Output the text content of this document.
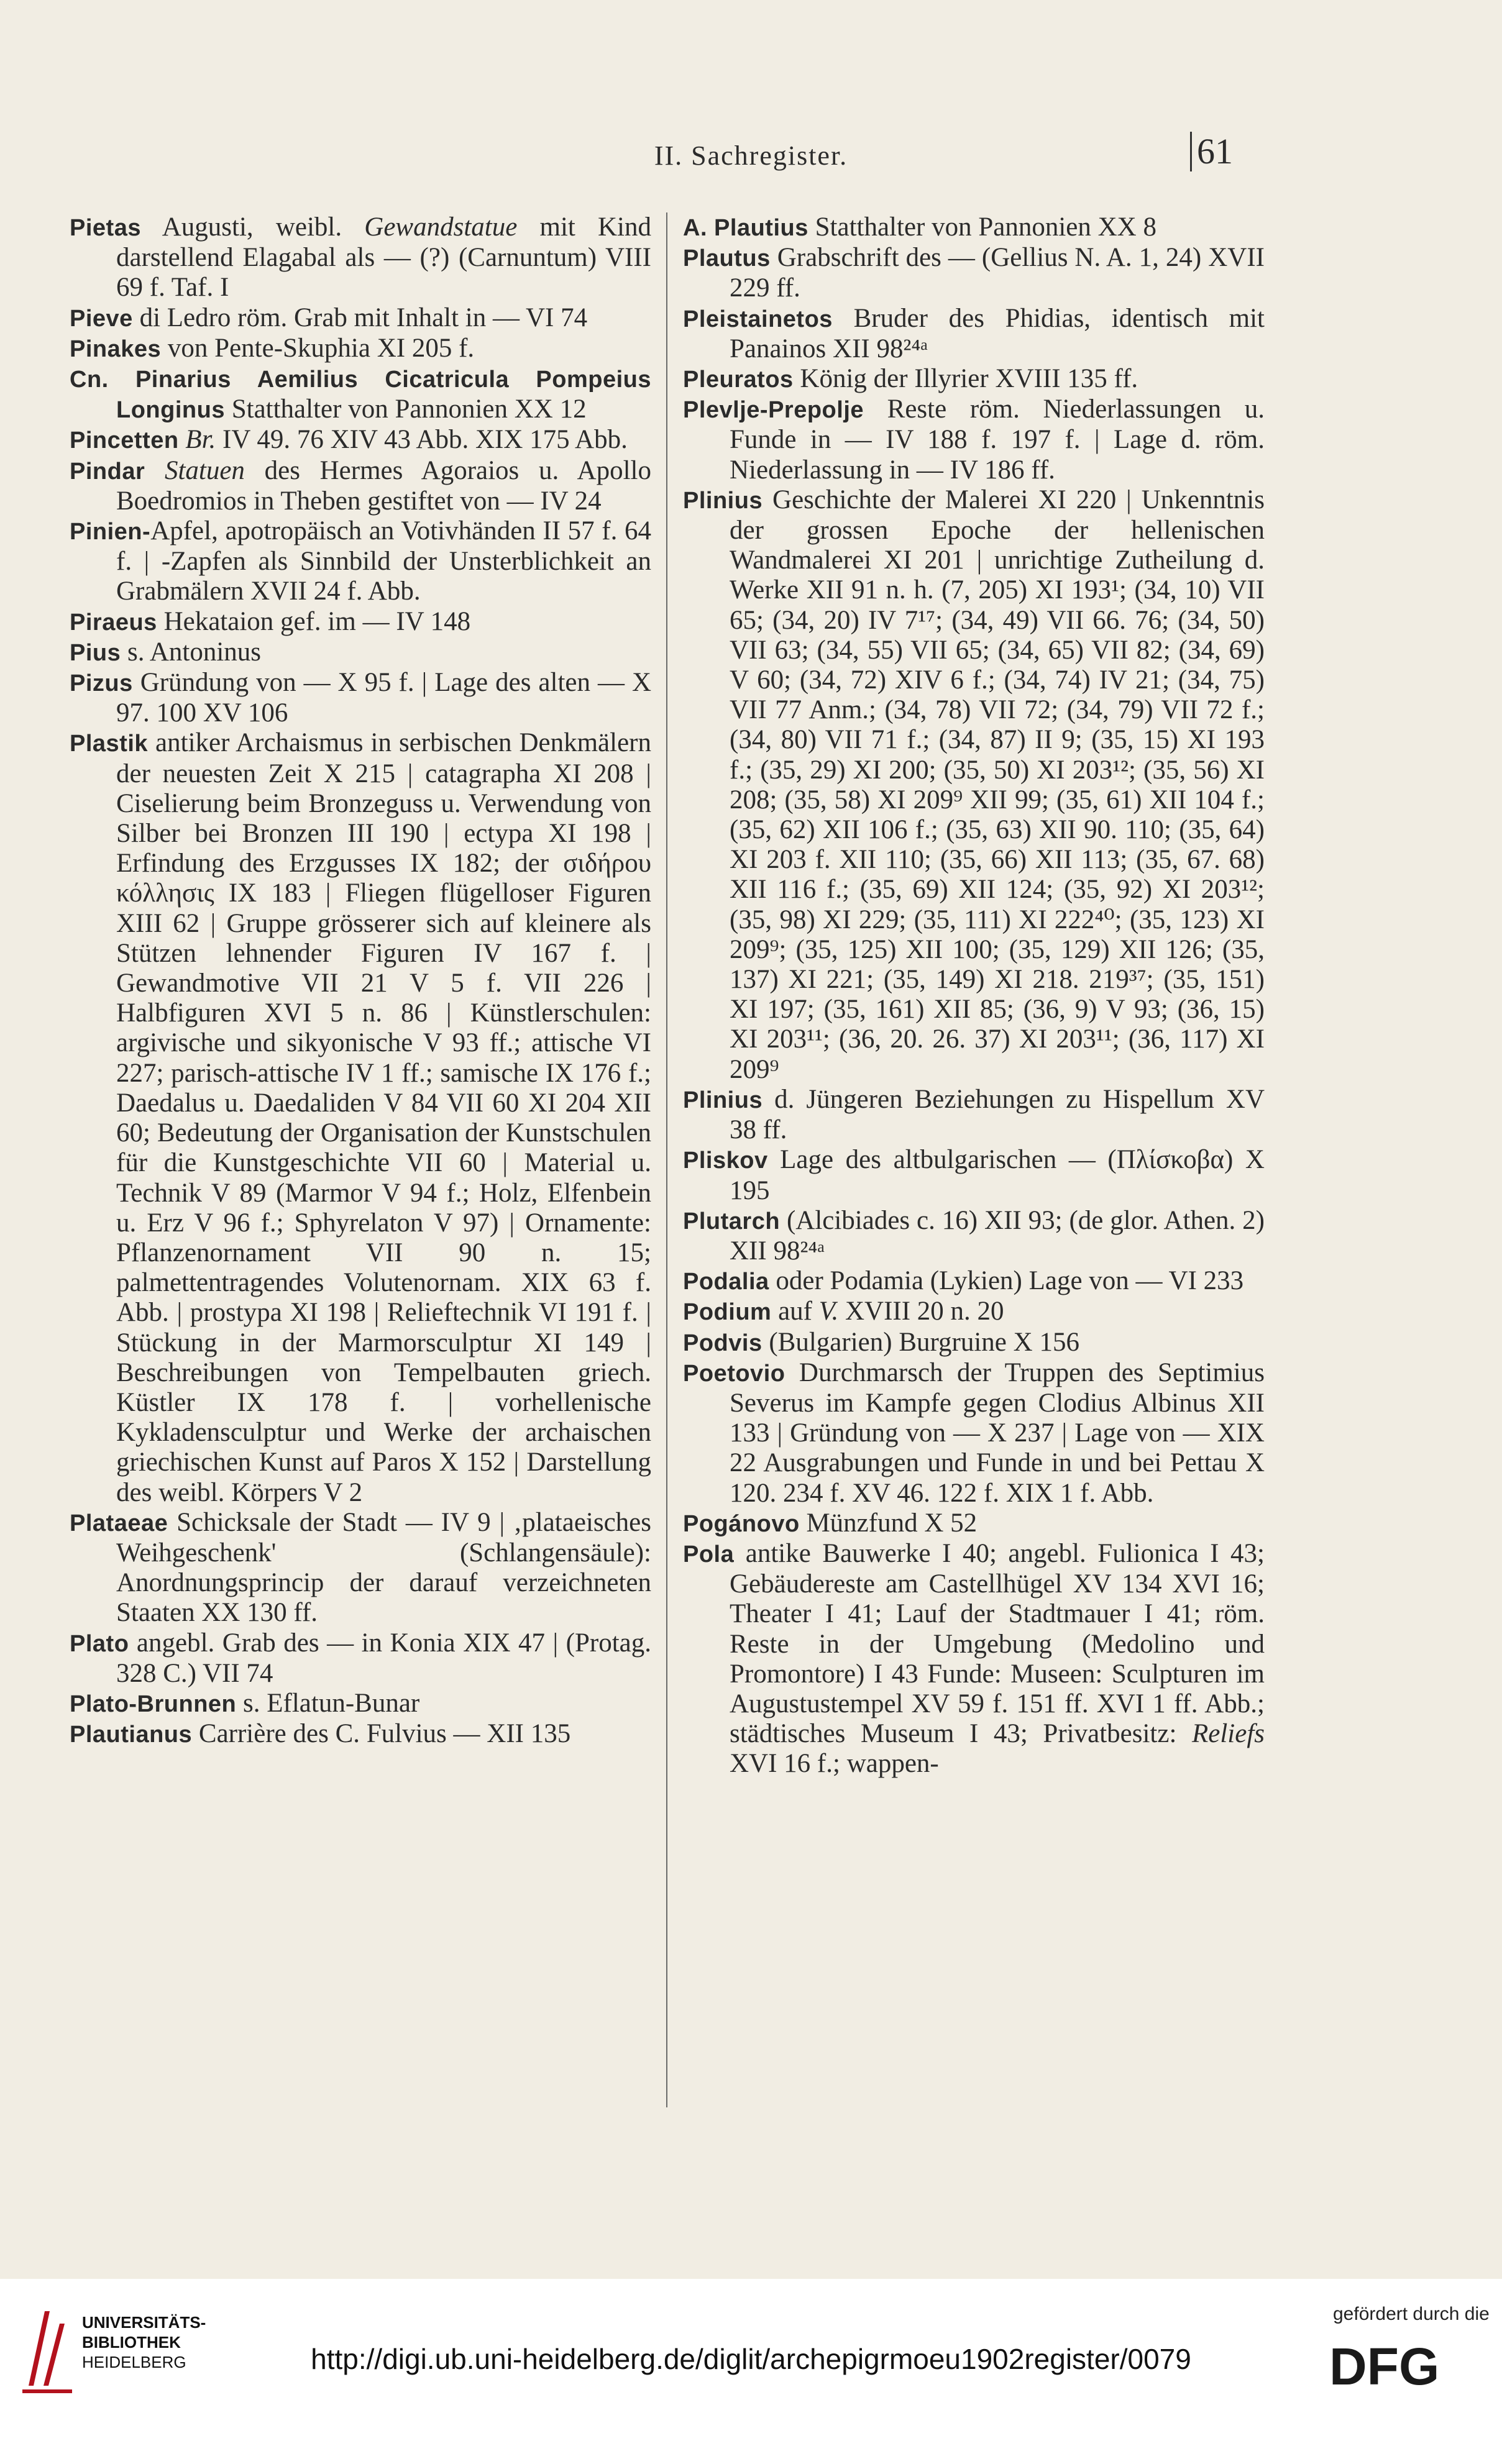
II. Sachregister.	61

Pietas Augusti, weibl. Gewandstatue mit Kind darstellend Elagabal als — (?) (Carnuntum) VIII 69 f. Taf. I

Pieve di Ledro röm. Grab mit Inhalt in — VI 74

Pinakes von Pente-Skuphia XI 205 f.

Cn. Pinarius Aemilius Cicatricula Pompeius Longinus Statthalter von Pannonien XX 12

Pincetten Br. IV 49. 76 XIV 43 Abb. XIX 175 Abb.

Pindar Statuen des Hermes Agoraios u. Apollo Boedromios in Theben gestiftet von — IV 24

Pinien-Apfel, apotropäisch an Votivhänden II 57 f. 64 f. | -Zapfen als Sinnbild der Unsterblichkeit an Grabmälern XVII 24 f. Abb.

Piraeus Hekataion gef. im — IV 148

Pius s. Antoninus

Pizus Gründung von — X 95 f. | Lage des alten — X 97. 100 XV 106

Plastik antiker Archaismus in serbischen Denkmälern der neuesten Zeit X 215 | catagrapha XI 208 | Ciselierung beim Bronzeguss u. Verwendung von Silber bei Bronzen III 190 | ectypa XI 198 | Erfindung des Erzgusses IX 182; der σιδήρου κόλλησις IX 183 | Fliegen flügelloser Figuren XIII 62 | Gruppe grösserer sich auf kleinere als Stützen lehnender Figuren IV 167 f. | Gewandmotive VII 21 V 5 f. VII 226 | Halbfiguren XVI 5 n. 86 | Künstlerschulen: argivische und sikyonische V 93 ff.; attische VI 227; parisch-attische IV 1 ff.; samische IX 176 f.; Daedalus u. Daedaliden V 84 VII 60 XI 204 XII 60; Bedeutung der Organisation der Kunstschulen für die Kunstgeschichte VII 60 | Material u. Technik V 89 (Marmor V 94 f.; Holz, Elfenbein u. Erz V 96 f.; Sphyrelaton V 97) | Ornamente: Pflanzenornament VII 90 n. 15; palmettentragendes Volutenornam. XIX 63 f. Abb. | prostypa XI 198 | Relieftechnik VI 191 f. | Stückung in der Marmorsculptur XI 149 | Beschreibungen von Tempelbauten griech. Küstler IX 178 f. | vorhellenische Kykladensculptur und Werke der archaischen griechischen Kunst auf Paros X 152 | Darstellung des weibl. Körpers V 2

Plataeae Schicksale der Stadt — IV 9 | ‚plataeisches Weihgeschenk' (Schlangensäule): Anordnungsprincip der darauf verzeichneten Staaten XX 130 ff.

Plato angebl. Grab des — in Konia XIX 47 | (Protag. 328 C.) VII 74

Plato-Brunnen s. Eflatun-Bunar

Plautianus Carrière des C. Fulvius — XII 135

A. Plautius Statthalter von Pannonien XX 8

Plautus Grabschrift des — (Gellius N. A. 1, 24) XVII 229 ff.

Pleistainetos Bruder des Phidias, identisch mit Panainos XII 98²⁴ᵃ

Pleuratos König der Illyrier XVIII 135 ff.

Plevlje-Prepolje Reste röm. Niederlassungen u. Funde in — IV 188 f. 197 f. | Lage d. röm. Niederlassung in — IV 186 ff.

Plinius Geschichte der Malerei XI 220 | Unkenntnis der grossen Epoche der hellenischen Wandmalerei XI 201 | unrichtige Zutheilung d. Werke XII 91 n. h. (7, 205) XI 193¹; (34, 10) VII 65; (34, 20) IV 7¹⁷; (34, 49) VII 66. 76; (34, 50) VII 63; (34, 55) VII 65; (34, 65) VII 82; (34, 69) V 60; (34, 72) XIV 6 f.; (34, 74) IV 21; (34, 75) VII 77 Anm.; (34, 78) VII 72; (34, 79) VII 72 f.; (34, 80) VII 71 f.; (34, 87) II 9; (35, 15) XI 193 f.; (35, 29) XI 200; (35, 50) XI 203¹²; (35, 56) XI 208; (35, 58) XI 209⁹ XII 99; (35, 61) XII 104 f.; (35, 62) XII 106 f.; (35, 63) XII 90. 110; (35, 64) XI 203 f. XII 110; (35, 66) XII 113; (35, 67. 68) XII 116 f.; (35, 69) XII 124; (35, 92) XI 203¹²; (35, 98) XI 229; (35, 111) XI 222⁴⁰; (35, 123) XI 209⁹; (35, 125) XII 100; (35, 129) XII 126; (35, 137) XI 221; (35, 149) XI 218. 219³⁷; (35, 151) XI 197; (35, 161) XII 85; (36, 9) V 93; (36, 15) XI 203¹¹; (36, 20. 26. 37) XI 203¹¹; (36, 117) XI 209⁹

Plinius d. Jüngeren Beziehungen zu Hispellum XV 38 ff.

Pliskov Lage des altbulgarischen — (Πλίσκοβα) X 195

Plutarch (Alcibiades c. 16) XII 93; (de glor. Athen. 2) XII 98²⁴ᵃ

Podalia oder Podamia (Lykien) Lage von — VI 233

Podium auf V. XVIII 20 n. 20

Podvis (Bulgarien) Burgruine X 156

Poetovio Durchmarsch der Truppen des Septimius Severus im Kampfe gegen Clodius Albinus XII 133 | Gründung von — X 237 | Lage von — XIX 22 Ausgrabungen und Funde in und bei Pettau X 120. 234 f. XV 46. 122 f. XIX 1 f. Abb.

Pogánovo Münzfund X 52

Pola antike Bauwerke I 40; angebl. Fulionica I 43; Gebäudereste am Castellhügel XV 134 XVI 16; Theater I 41; Lauf der Stadtmauer I 41; röm. Reste in der Umgebung (Medolino und Promontore) I 43 Funde: Museen: Sculpturen im Augustustempel XV 59 f. 151 ff. XVI 1 ff. Abb.; städtisches Museum I 43; Privatbesitz: Reliefs XVI 16 f.; wappen-

UNIVERSITÄTS-
BIBLIOTHEK
HEIDELBERG	http://digi.ub.uni-heidelberg.de/diglit/archepigrmoeu1902register/0079
gefördert durch die
DFG
